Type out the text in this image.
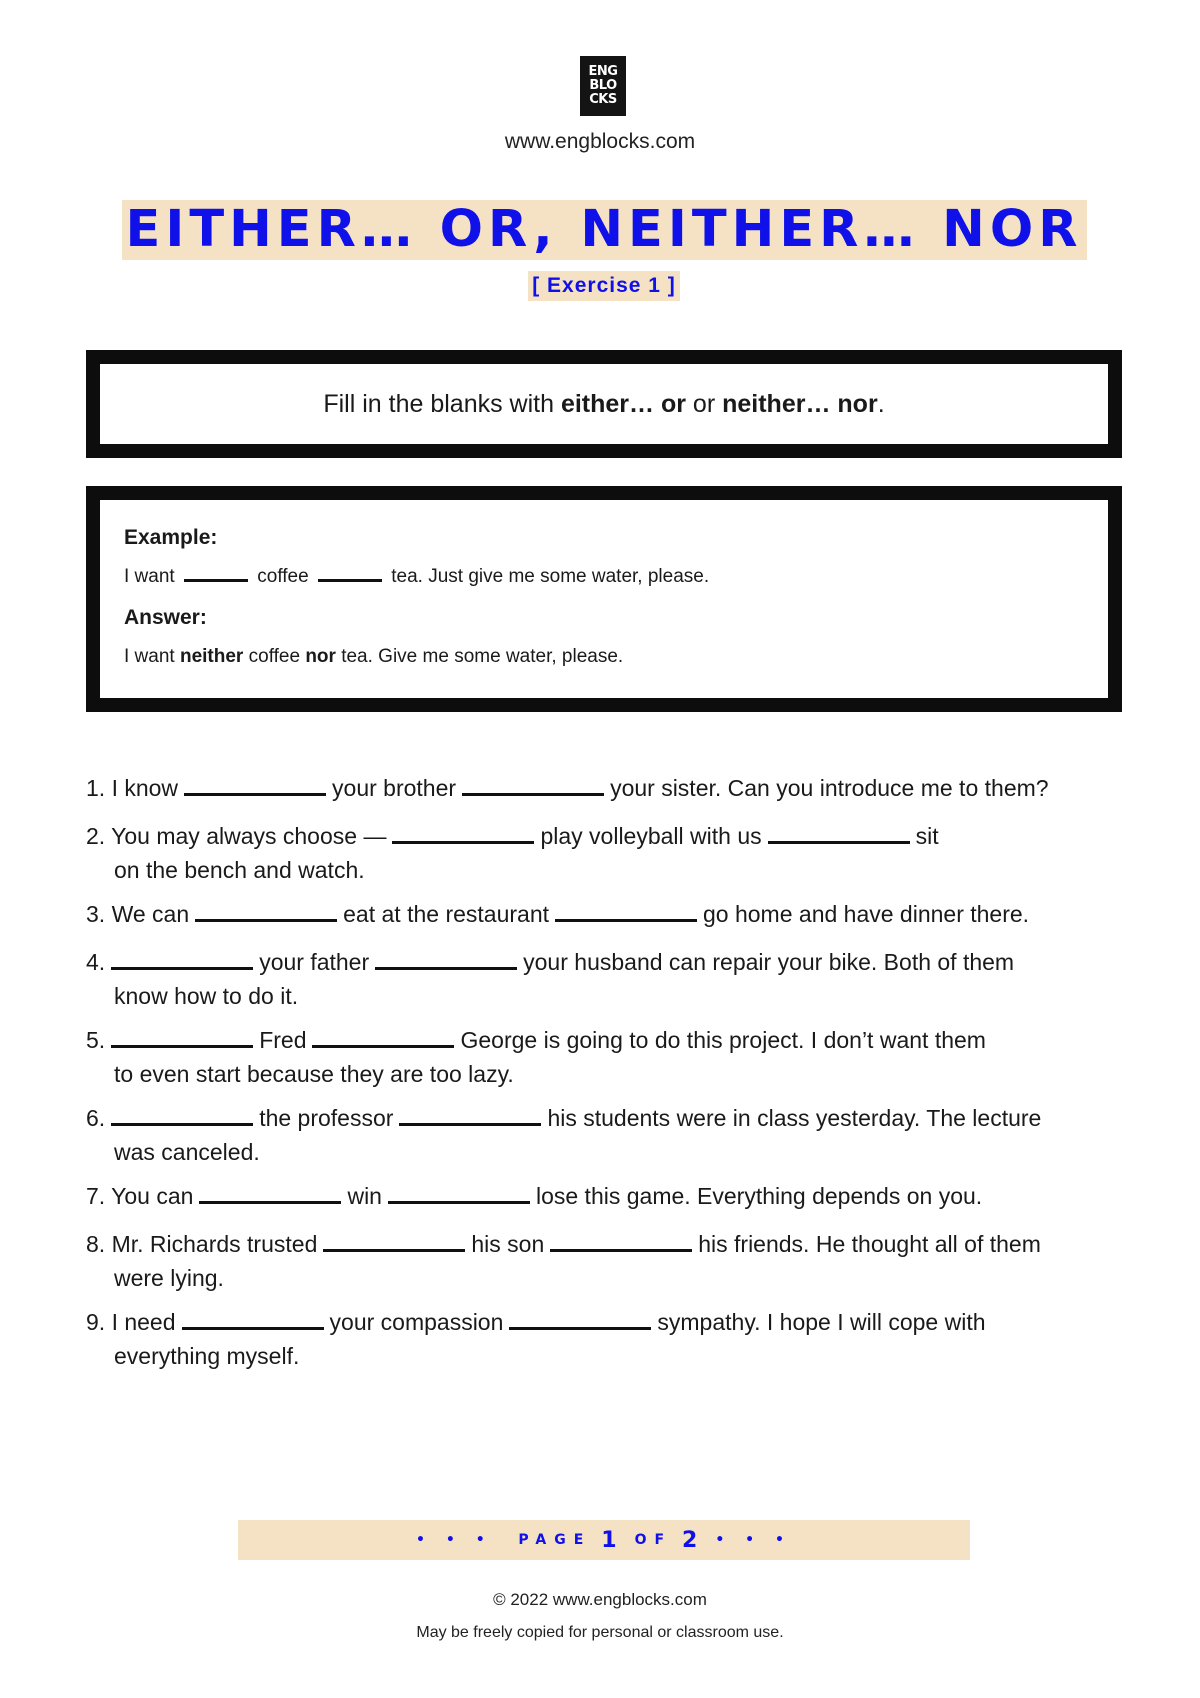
ENG
BLO
CKS
www.engblocks.com
EITHER… OR, NEITHER… NOR
[ Exercise 1 ]
Fill in the blanks with either… or or neither… nor.
Example:
I want	coffee	tea. Just give me some water, please.
Answer:
I want neither coffee nor tea. Give me some water, please.
1. I know	your brother	your sister. Can you introduce me to them?
2. You may always choose —	play volleyball with us	sit
on the bench and watch.
3. We can	eat at the restaurant	go home and have dinner there.
4.	your father	your husband can repair your bike. Both of them
know how to do it.
5.	Fred	George is going to do this project. I don’t want them
to even start because they are too lazy.
6.	the professor	his students were in class yesterday. The lecture
was canceled.
7. You can	win	lose this game. Everything depends on you.
8. Mr. Richards trusted	his son	his friends. He thought all of them
were lying.
9. I need	your compassion	sympathy. I hope I will cope with
everything myself.
• • •
PAGE 1 OF 2 • • •
© 2022 www.engblocks.com
May be freely copied for personal or classroom use.
